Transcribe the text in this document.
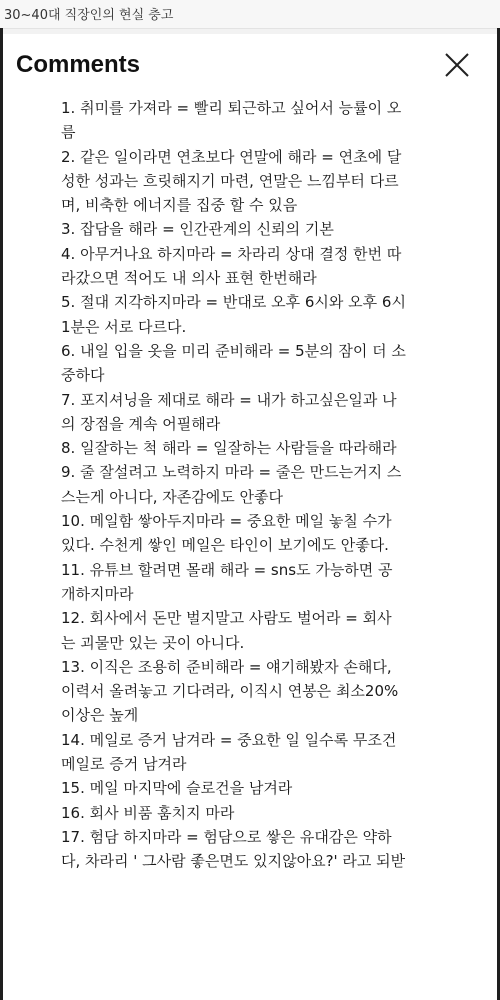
30~40대 직장인의 현실 충고
Comments
1. 취미를 가져라 = 빨리 퇴근하고 싶어서 능률이 오
름
2. 같은 일이라면 연초보다 연말에 해라 = 연초에 달
성한 성과는 흐릿해지기 마련, 연말은 느낌부터 다르
며, 비축한 에너지를 집중 할 수 있음
3. 잡담을 해라 = 인간관계의 신뢰의 기본
4. 아무거나요 하지마라 = 차라리 상대 결정 한번 따
라갔으면 적어도 내 의사 표현 한번해라
5. 절대 지각하지마라 = 반대로 오후 6시와 오후 6시
1분은 서로 다르다.
6. 내일 입을 옷을 미리 준비해라 = 5분의 잠이 더 소
중하다
7. 포지셔닝을 제대로 해라 = 내가 하고싶은일과 나
의 장점을 계속 어필해라
8. 일잘하는 척 해라 = 일잘하는 사람들을 따라해라
9. 줄 잘설려고 노력하지 마라 = 줄은 만드는거지 스
스는게 아니다, 자존감에도 안좋다
10. 메일함 쌓아두지마라 = 중요한 메일 놓칠 수가
있다. 수천게 쌓인 메일은 타인이 보기에도 안좋다.
11. 유튜브 할려면 몰래 해라 = sns도 가능하면 공
개하지마라
12. 회사에서 돈만 벌지말고 사람도 벌어라 = 회사
는 괴물만 있는 곳이 아니다.
13. 이직은 조용히 준비해라 = 얘기해봤자 손해다,
이력서 올려놓고 기다려라, 이직시 연봉은 최소20%
이상은 높게
14. 메일로 증거 남겨라 = 중요한 일 일수록 무조건
메일로 증거 남겨라
15. 메일 마지막에 슬로건을 남겨라
16. 회사 비품 훔치지 마라
17. 험담 하지마라 = 험담으로 쌓은 유대감은 약하
다, 차라리 ' 그사람 좋은면도 있지않아요?' 라고 되받
